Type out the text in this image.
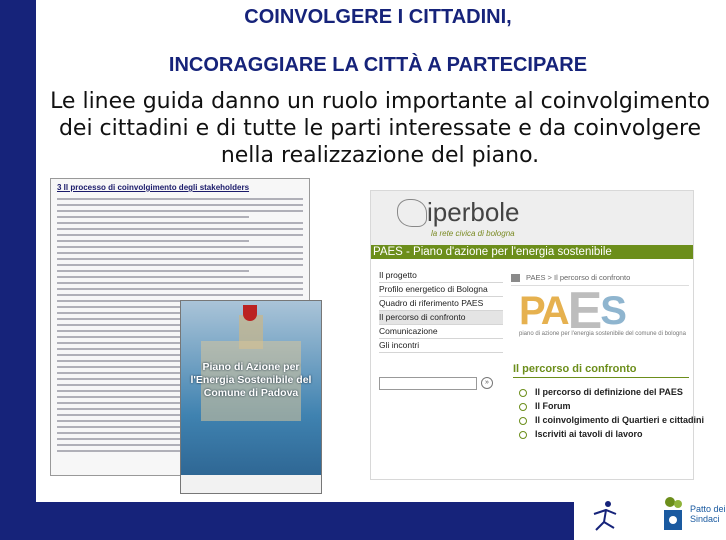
COINVOLGERE I CITTADINI,
INCORAGGIARE LA CITTÀ A PARTECIPARE
Le linee guida danno un ruolo importante al coinvolgimento dei cittadini e di tutte le parti interessate e da coinvolgere nella realizzazione del piano.
3 Il processo di coinvolgimento degli stakeholders
Piano di Azione per l'Energia Sostenibile del Comune di Padova
iperbole
la rete civica di bologna
PAES - Piano d'azione per l'energia sostenibile
Il progetto
Profilo energetico di Bologna
Quadro di riferimento PAES
Il percorso di confronto
Comunicazione
Gli incontri
»
PAES > Il percorso di confronto
PAES
piano di azione per l'energia sostenibile del comune di bologna
Il percorso di confronto
Il percorso di definizione del PAES
Il Forum
Il coinvolgimento di Quartieri e cittadini
Iscriviti ai tavoli di lavoro
Patto dei
Sindaci
